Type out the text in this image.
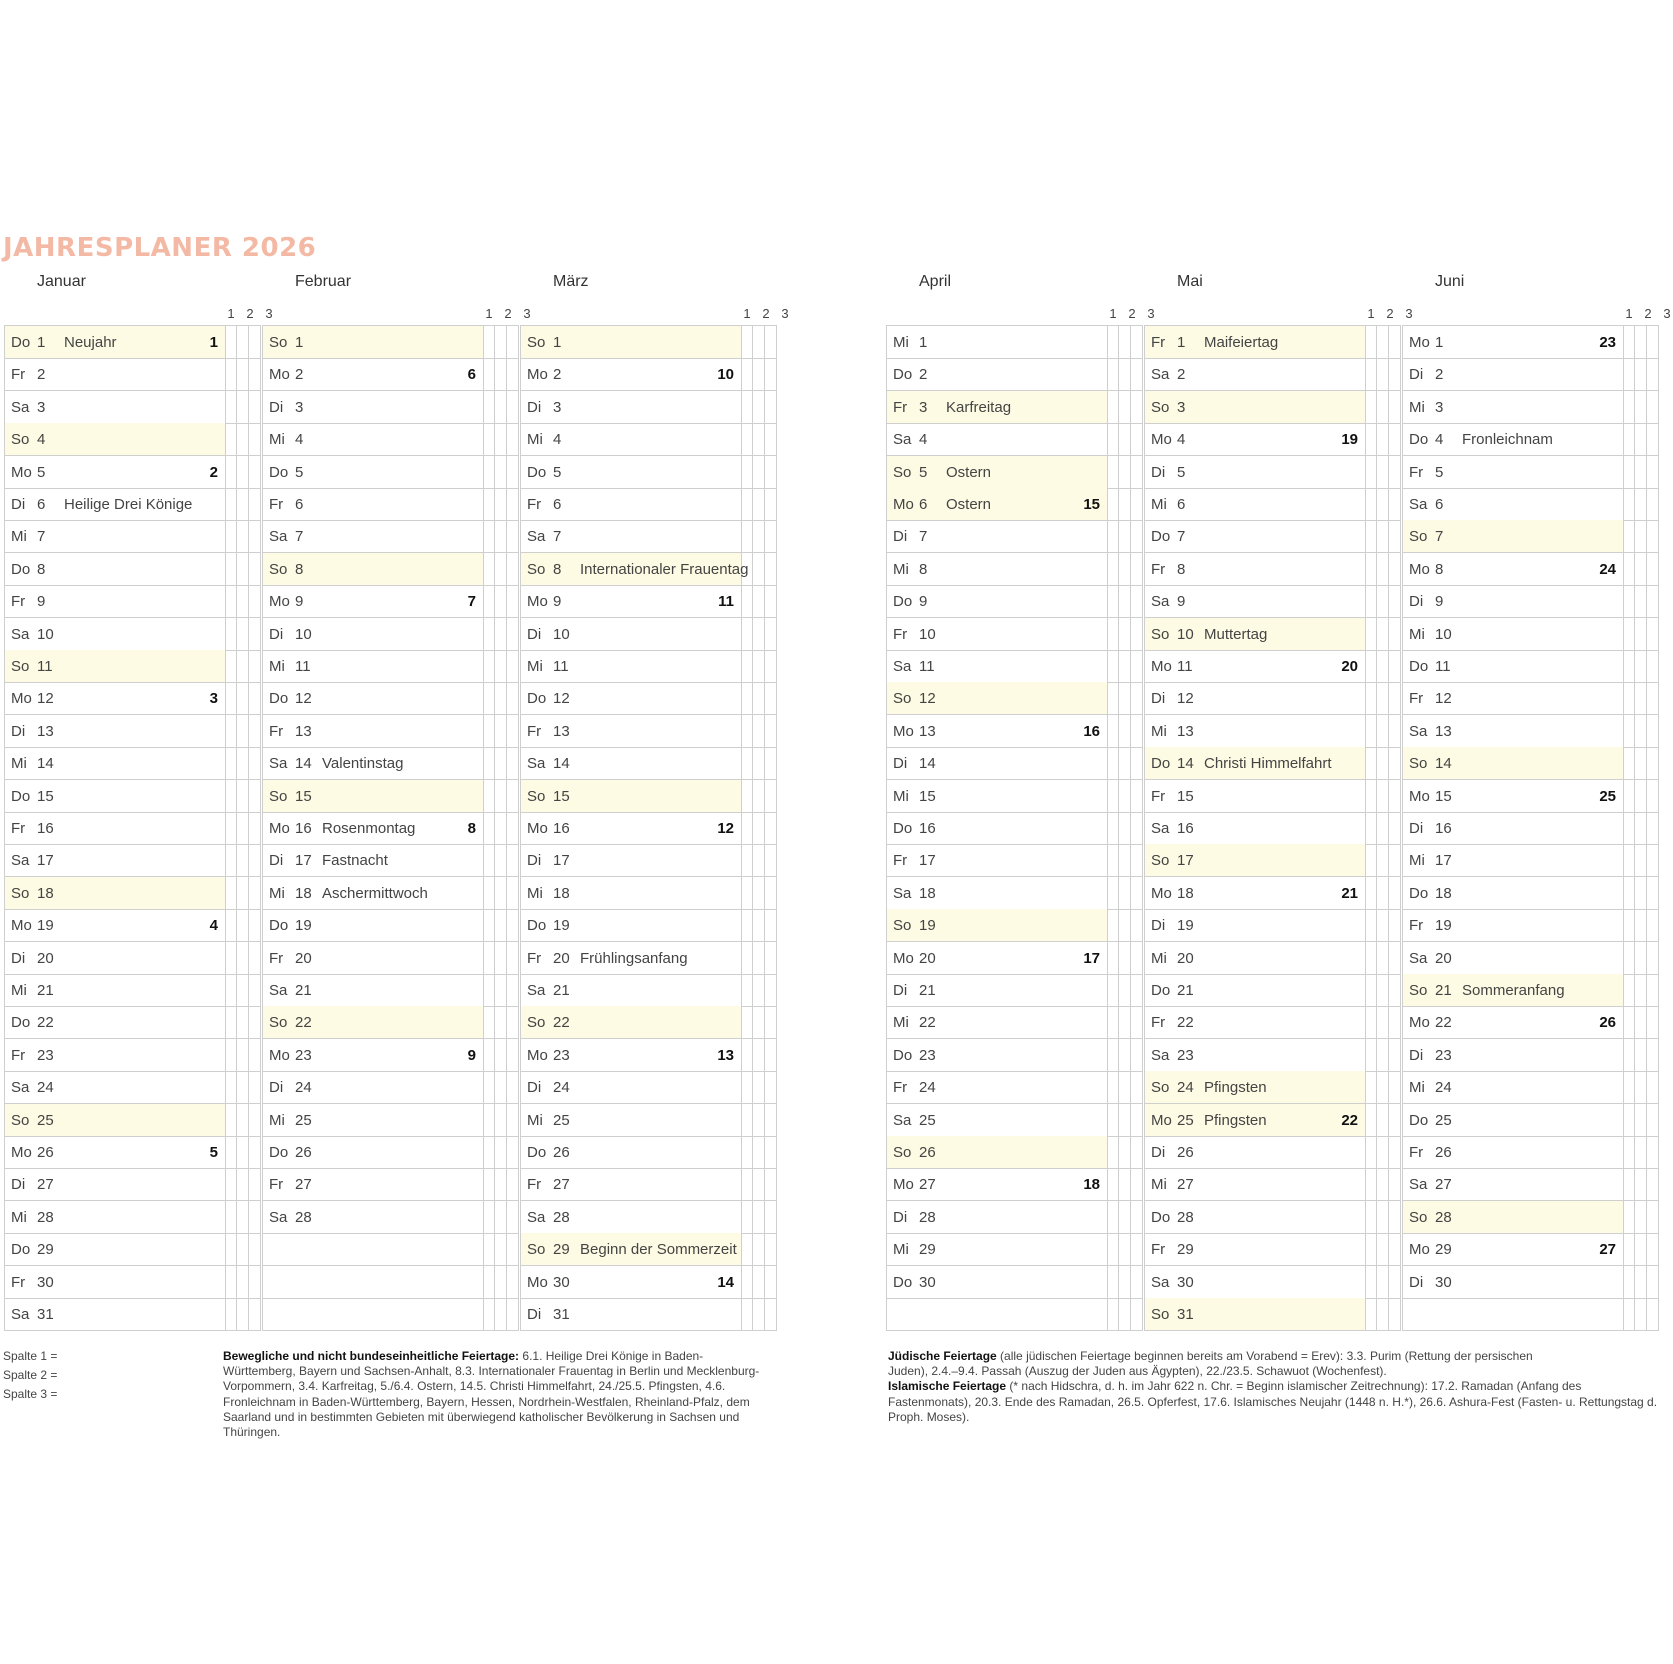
JAHRESPLANER 2026
Januar
1 2 3
Do 1 Neujahr	1
Fr 2
Sa 3
So 4
Mo 5	2
Di 6 Heilige Drei Könige
Mi 7
Do 8
Fr 9
Sa 10
So 11
Mo 12	3
Di 13
Mi 14
Do 15
Fr 16
Sa 17
So 18
Mo 19	4
Di 20
Mi 21
Do 22
Fr 23
Sa 24
So 25
Mo 26	5
Di 27
Mi 28
Do 29
Fr 30
Sa 31
Februar
1 2 3
So 1
Mo 2	6
Di 3
Mi 4
Do 5
Fr 6
Sa 7
So 8
Mo 9	7
Di 10
Mi 11
Do 12
Fr 13
Sa 14 Valentinstag
So 15
Mo 16 Rosenmontag	8
Di 17 Fastnacht
Mi 18 Aschermittwoch
Do 19
Fr 20
Sa 21
So 22
Mo 23	9
Di 24
Mi 25
Do 26
Fr 27
Sa 28
März
1 2 3
So 1
Mo 2	10
Di 3
Mi 4
Do 5
Fr 6
Sa 7
So 8 Internationaler Frauentag
Mo 9	11
Di 10
Mi 11
Do 12
Fr 13
Sa 14
So 15
Mo 16	12
Di 17
Mi 18
Do 19
Fr 20 Frühlingsanfang
Sa 21
So 22
Mo 23	13
Di 24
Mi 25
Do 26
Fr 27
Sa 28
So 29 Beginn der Sommerzeit
Mo 30	14
Di 31
April
1 2 3
Mi 1
Do 2
Fr 3 Karfreitag
Sa 4
So 5 Ostern
Mo 6 Ostern	15
Di 7
Mi 8
Do 9
Fr 10
Sa 11
So 12
Mo 13	16
Di 14
Mi 15
Do 16
Fr 17
Sa 18
So 19
Mo 20	17
Di 21
Mi 22
Do 23
Fr 24
Sa 25
So 26
Mo 27	18
Di 28
Mi 29
Do 30
Mai
1 2 3
Fr 1 Maifeiertag
Sa 2
So 3
Mo 4	19
Di 5
Mi 6
Do 7
Fr 8
Sa 9
So 10 Muttertag
Mo 11	20
Di 12
Mi 13
Do 14 Christi Himmelfahrt
Fr 15
Sa 16
So 17
Mo 18	21
Di 19
Mi 20
Do 21
Fr 22
Sa 23
So 24 Pfingsten
Mo 25 Pfingsten	22
Di 26
Mi 27
Do 28
Fr 29
Sa 30
So 31
Juni
1 2 3
Mo 1	23
Di 2
Mi 3
Do 4 Fronleichnam
Fr 5
Sa 6
So 7
Mo 8	24
Di 9
Mi 10
Do 11
Fr 12
Sa 13
So 14
Mo 15	25
Di 16
Mi 17
Do 18
Fr 19
Sa 20
So 21 Sommeranfang
Mo 22	26
Di 23
Mi 24
Do 25
Fr 26
Sa 27
So 28
Mo 29	27
Di 30
Spalte 1 =
Spalte 2 =
Spalte 3 =
Bewegliche und nicht bundeseinheitliche Feiertage: 6.1. Heilige Drei Könige in Baden-Württemberg, Bayern und Sachsen-Anhalt, 8.3. Internationaler Frauentag in Berlin und Mecklenburg-Vorpommern, 3.4. Karfreitag, 5./6.4. Ostern, 14.5. Christi Himmelfahrt, 24./25.5. Pfingsten, 4.6. Fronleichnam in Baden-Württemberg, Bayern, Hessen, Nordrhein-Westfalen, Rheinland-Pfalz, dem Saarland und in bestimmten Gebieten mit überwiegend katholischer Bevölkerung in Sachsen und Thüringen.
Jüdische Feiertage (alle jüdischen Feiertage beginnen bereits am Vorabend = Erev): 3.3. Purim (Rettung der persischen Juden), 2.4.–9.4. Passah (Auszug der Juden aus Ägypten), 22./23.5. Schawuot (Wochenfest).
Islamische Feiertage (* nach Hidschra, d. h. im Jahr 622 n. Chr. = Beginn islamischer Zeitrechnung): 17.2. Ramadan (Anfang des Fastenmonats), 20.3. Ende des Ramadan, 26.5. Opferfest, 17.6. Islamisches Neujahr (1448 n. H.*), 26.6. Ashura-Fest (Fasten- u. Rettungstag d. Proph. Moses).
